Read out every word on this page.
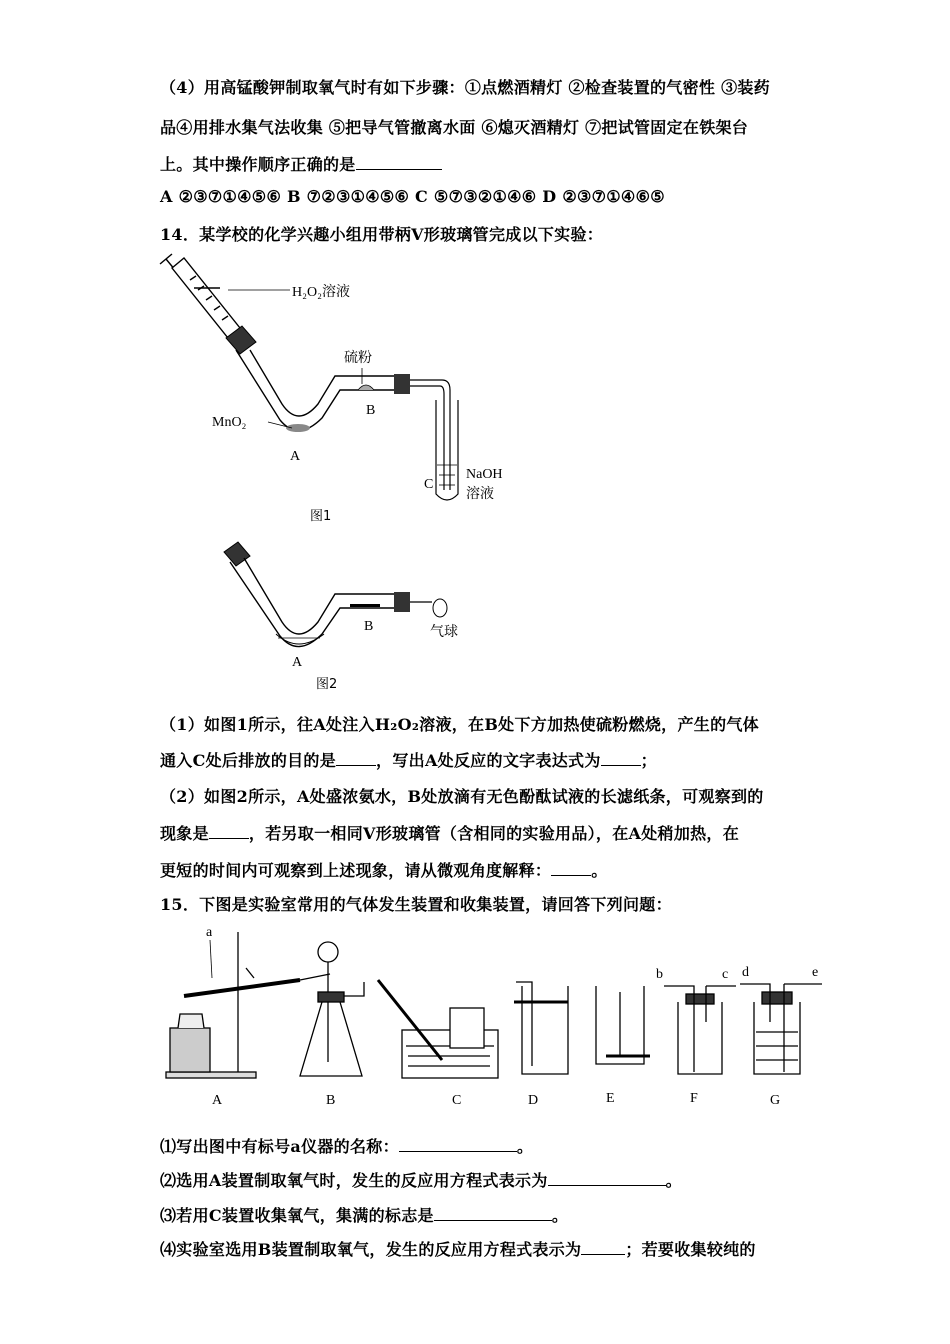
（4）用高锰酸钾制取氧气时有如下步骤：①点燃酒精灯 ②检查装置的气密性 ③装药
品④用排水集气法收集 ⑤把导气管撤离水面 ⑥熄灭酒精灯 ⑦把试管固定在铁架台
上。其中操作顺序正确的是
A ②③⑦①④⑤⑥ B ⑦②③①④⑤⑥ C ⑤⑦③②①④⑥ D ②③⑦①④⑥⑤
14．某学校的化学兴趣小组用带柄V形玻璃管完成以下实验：
H₂O₂溶液
硫粉
MnO₂
A
B
C
NaOH
溶液
图1
A
B	气球
图2
（1）如图1所示，往A处注入H₂O₂溶液，在B处下方加热使硫粉燃烧，产生的气体
通入C处后排放的目的是	，写出A处反应的文字表达式为	；
（2）如图2所示，A处盛浓氨水，B处放滴有无色酚酞试液的长滤纸条，可观察到的
现象是	，若另取一相同V形玻璃管（含相同的实验用品），在A处稍加热，在
更短的时间内可观察到上述现象，请从微观角度解释：	。
15．下图是实验室常用的气体发生装置和收集装置，请回答下列问题：
a
b	c d	e
A	B	C	D	E	F	G
⑴写出图中有标号a仪器的名称：	。
⑵选用A装置制取氧气时，发生的反应用方程式表示为	。
⑶若用C装置收集氧气，集满的标志是	。
⑷实验室选用B装置制取氧气，发生的反应用方程式表示为	；若要收集较纯的
